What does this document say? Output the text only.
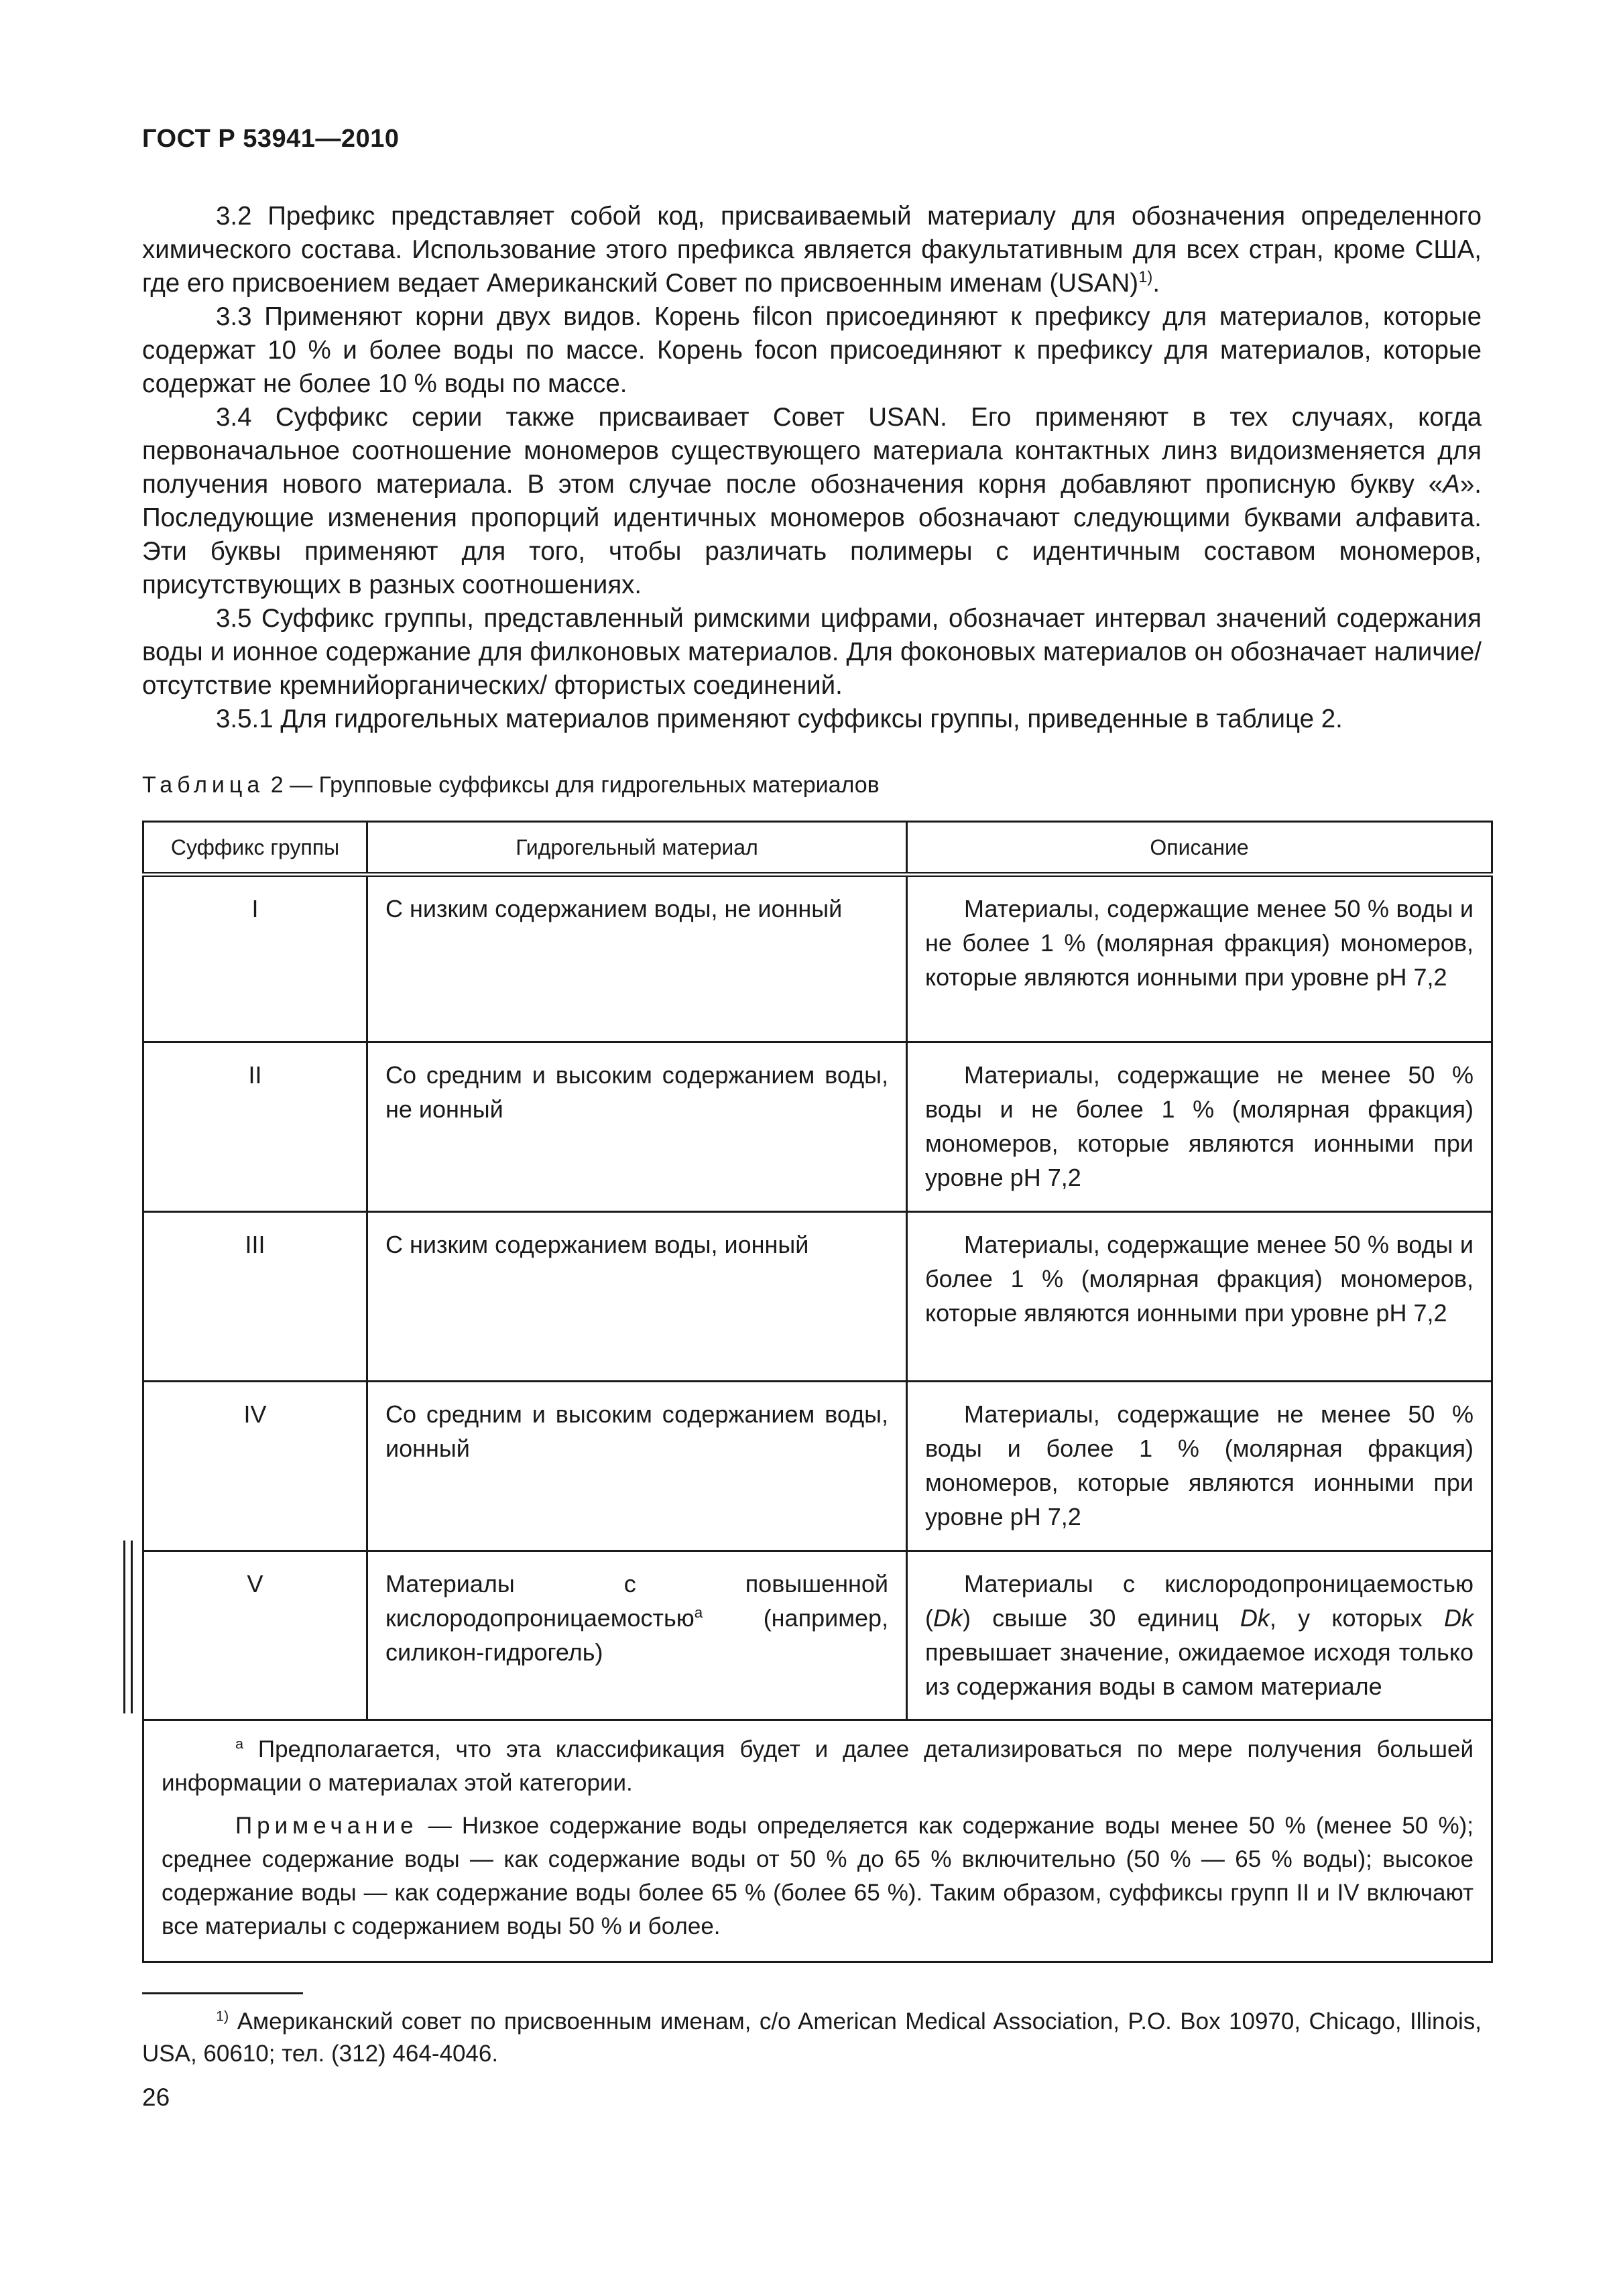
ГОСТ Р 53941—2010

3.2 Префикс представляет собой код, присваиваемый материалу для обозначения определенного химического состава. Использование этого префикса является факультативным для всех стран, кроме США, где его присвоением ведает Американский Совет по присвоенным именам (USAN)$^{1)}$.

3.3 Применяют корни двух видов. Корень filcon присоединяют к префиксу для материалов, которые содержат 10 % и более воды по массе. Корень focon присоединяют к префиксу для материалов, которые содержат не более 10 % воды по массе.

3.4 Суффикс серии также присваивает Совет USAN. Его применяют в тех случаях, когда первоначальное соотношение мономеров существующего материала контактных линз видоизменяется для получения нового материала. В этом случае после обозначения корня добавляют прописную букву «А». Последующие изменения пропорций идентичных мономеров обозначают следующими буквами алфавита. Эти буквы применяют для того, чтобы различать полимеры с идентичным составом мономеров, присутствующих в разных соотношениях.

3.5 Суффикс группы, представленный римскими цифрами, обозначает интервал значений содержания воды и ионное содержание для филконовых материалов. Для фоконовых материалов он обозначает наличие/отсутствие кремнийорганических/ фтористых соединений.

3.5.1 Для гидрогельных материалов применяют суффиксы группы, приведенные в таблице 2.

Таблица 2 — Групповые суффиксы для гидрогельных материалов
Суффикс группы	Гидрогельный материал	Описание
I	С низким содержанием воды, не ионный	Материалы, содержащие менее 50 % воды и не более 1 % (молярная фракция) мономеров, которые являются ионными при уровне pH 7,2
II	Со средним и высоким содержанием воды, не ионный	Материалы, содержащие не менее 50 % воды и не более 1 % (молярная фракция) мономеров, которые являются ионными при уровне pH 7,2
III	С низким содержанием воды, ионный	Материалы, содержащие менее 50 % воды и более 1 % (молярная фракция) мономеров, которые являются ионными при уровне pH 7,2
IV	Со средним и высоким содержанием воды, ионный	Материалы, содержащие не менее 50 % воды и более 1 % (молярная фракция) мономеров, которые являются ионными при уровне pH 7,2
V	Материалы с повышенной кислородопроницаемостью$^a$ (например, силикон-гидрогель)	Материалы с кислородопроницаемостью (Dk) свыше 30 единиц Dk, у которых Dk превышает значение, ожидаемое исходя только из содержания воды в самом материале

$^a$ Предполагается, что эта классификация будет и далее детализироваться по мере получения большей информации о материалах этой категории.

Примечание — Низкое содержание воды определяется как содержание воды менее 50 % (менее 50 %); среднее содержание воды — как содержание воды от 50 % до 65 % включительно (50 % — 65 % воды); высокое содержание воды — как содержание воды более 65 % (более 65 %). Таким образом, суффиксы групп II и IV включают все материалы с содержанием воды 50 % и более.		

$^{1)}$ Американский совет по присвоенным именам, c/o American Medical Association, P.O. Box 10970, Chicago, Illinois, USA, 60610; тел. (312) 464-4046.

26
